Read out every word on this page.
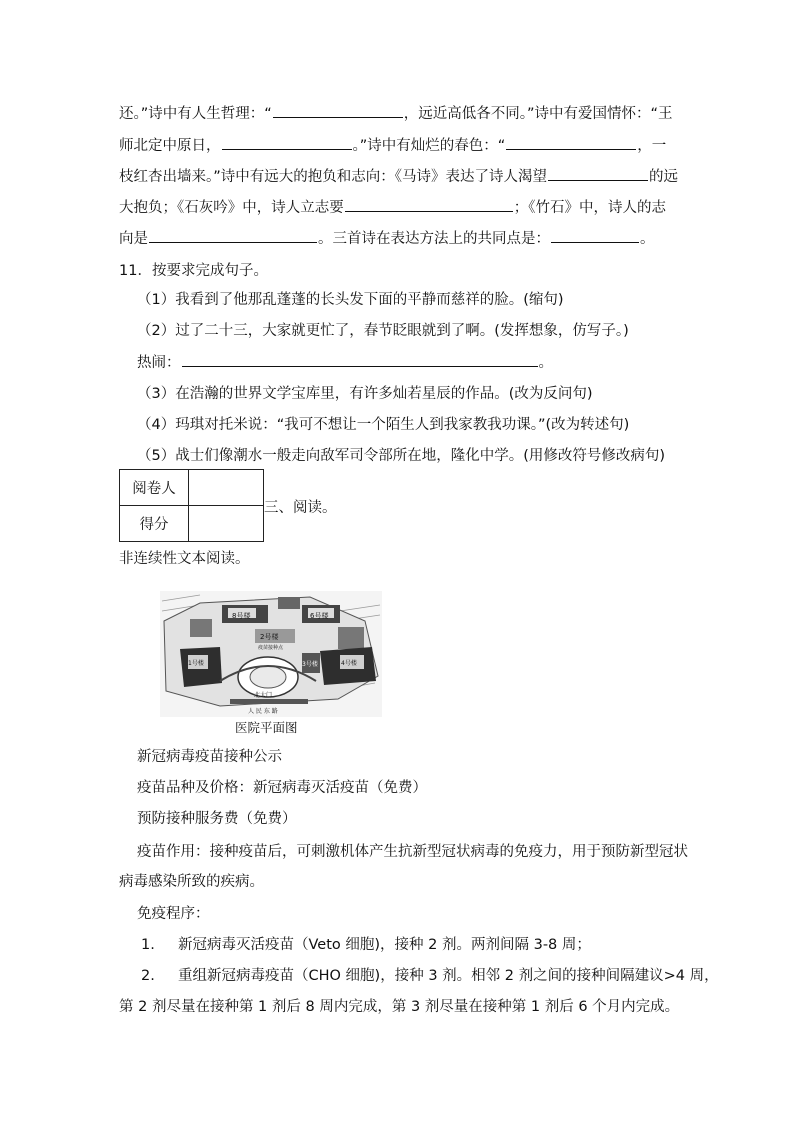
还。”诗中有人生哲理：“	，远近高低各不同。”诗中有爱国情怀：“王
师北定中原日，	。”诗中有灿烂的春色：“	，一
枝红杏出墙来。”诗中有远大的抱负和志向：《马诗》表达了诗人渴望	的远
大抱负；《石灰吟》中，诗人立志要	；《竹石》中，诗人的志
向是	。三首诗在表达方法上的共同点是：	。
11．按要求完成句子。
（1）我看到了他那乱蓬蓬的长头发下面的平静而慈祥的脸。(缩句)
（2）过了二十三，大家就更忙了，春节眨眼就到了啊。(发挥想象，仿写子。)
热闹：	。
（3）在浩瀚的世界文学宝库里，有许多灿若星辰的作品。(改为反问句)
（4）玛琪对托米说：“我可不想让一个陌生人到我家教我功课。”(改为转述句)
（5）战士们像潮水一般走向敌军司令部所在地，隆化中学。(用修改符号修改病句)
阅卷人	
得分	
三、阅读。
非连续性文本阅读。
8号楼	6号楼
2号楼
疫苗接种点
3号楼
1号楼	4号楼
北大门
人 民 东 路
医院平面图
新冠病毒疫苗接种公示
疫苗品种及价格：新冠病毒灭活疫苗（免费）
预防接种服务费（免费）
疫苗作用：接种疫苗后，可刺激机体产生抗新型冠状病毒的免疫力，用于预防新型冠状
病毒感染所致的疾病。
免疫程序：
1. 新冠病毒灭活疫苗（Veto 细胞)，接种 2 剂。两剂间隔 3-8 周；
2. 重组新冠病毒疫苗（CHO 细胞)，接种 3 剂。相邻 2 剂之间的接种间隔建议>4 周，
第 2 剂尽量在接种第 1 剂后 8 周内完成，第 3 剂尽量在接种第 1 剂后 6 个月内完成。
